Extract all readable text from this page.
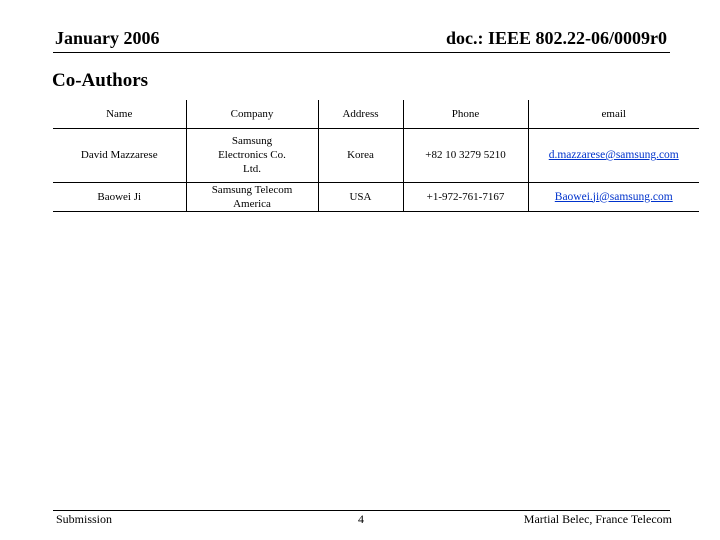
January 2006	doc.: IEEE 802.22-06/0009r0
Co-Authors
Name	Company	Address	Phone	email
David Mazzarese	Samsung Electronics Co. Ltd.	Korea	+82 10 3279 5210	d.mazzarese@samsung.com
Baowei Ji	Samsung Telecom America	USA	+1-972-761-7167	Baowei.ji@samsung.com
Submission	4	Martial Belec, France Telecom
